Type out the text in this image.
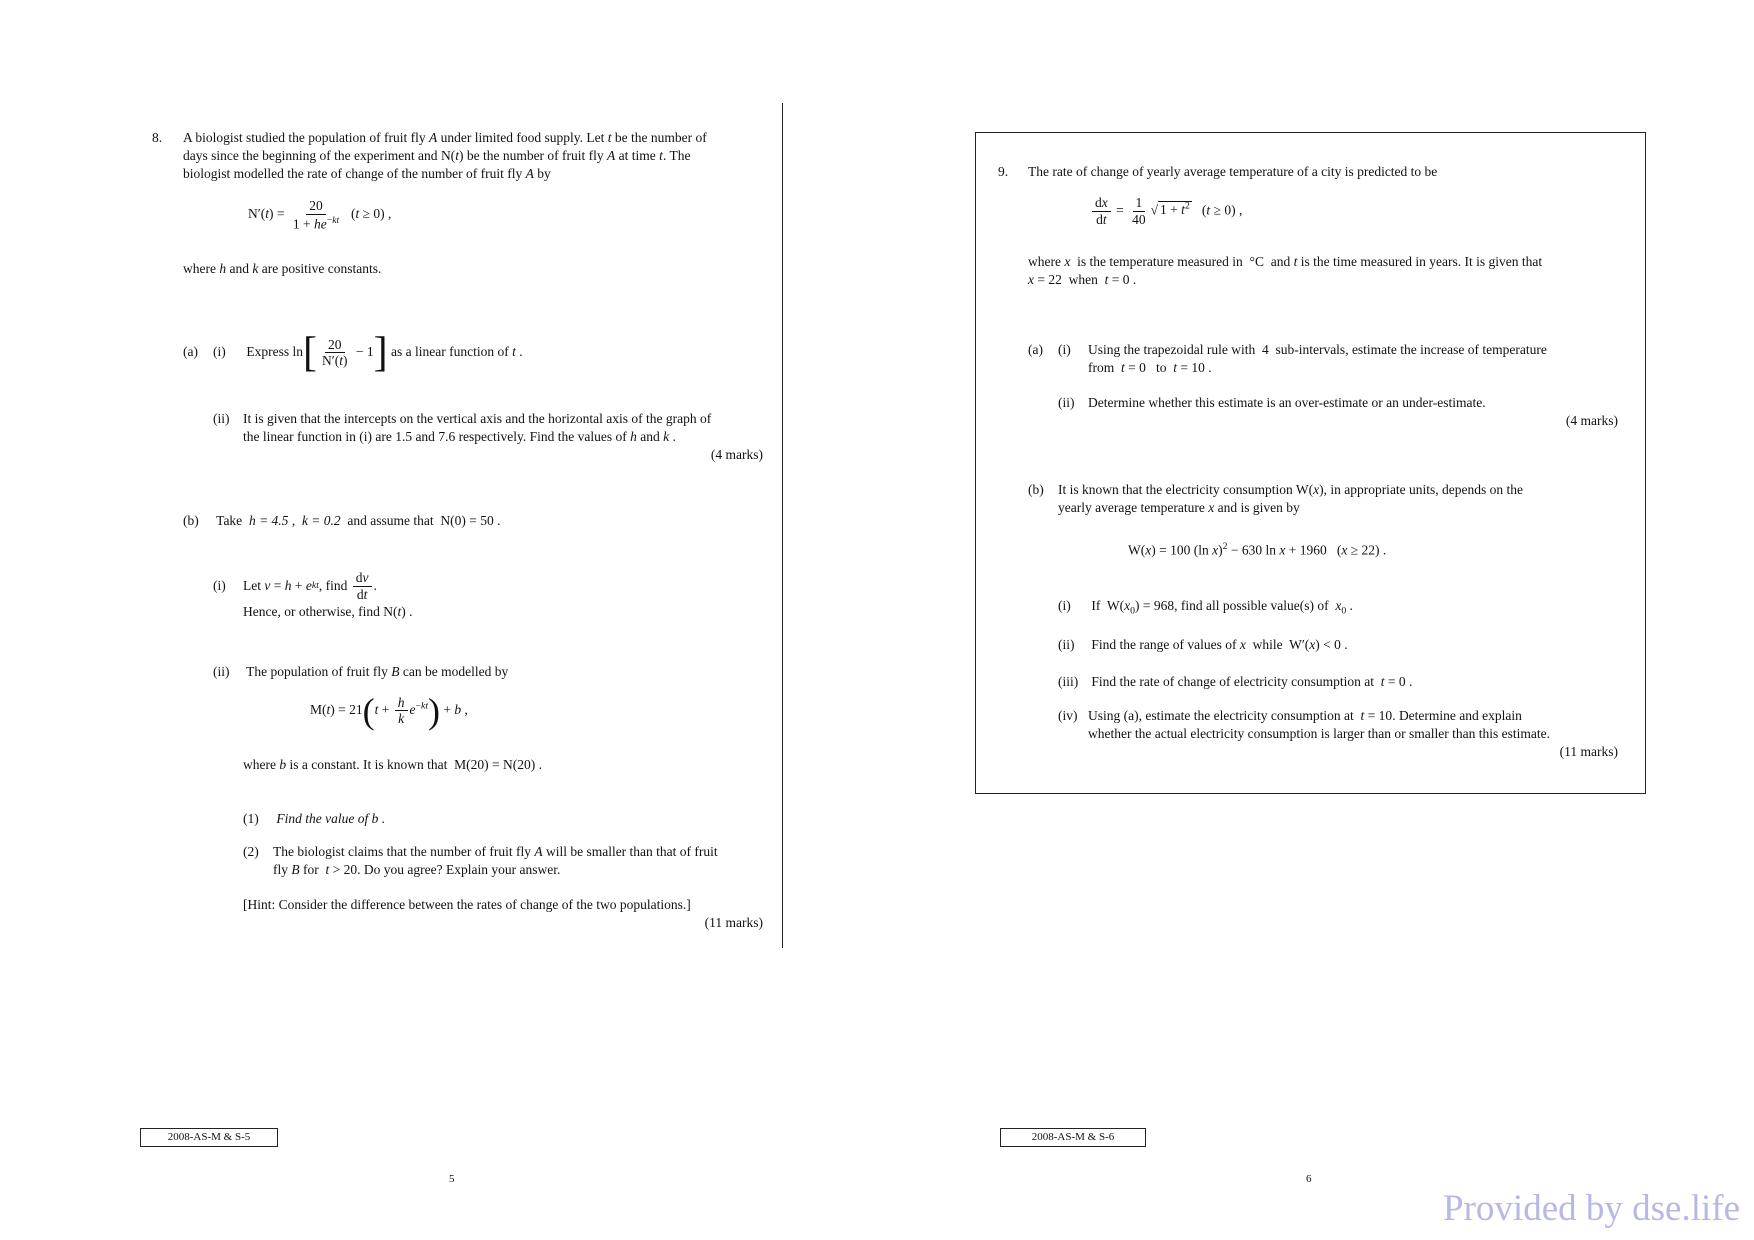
8. A biologist studied the population of fruit fly A under limited food supply. Let t be the number of
days since the beginning of the experiment and N(t) be the number of fruit fly A at time t. The
biologist modelled the rate of change of the number of fruit fly A by
$N'(t) = \frac{20}{1 + he^{-kt}} (t \ge 0)$ ,
where h and k are positive constants.
(a) (i) Express $\ln[ \frac{20}{N'(t)} - 1]$ as a linear function of t .
(ii)	It is given that the intercepts on the vertical axis and the horizontal axis of the graph of
the linear function in (i) are 1.5 and 7.6 respectively. Find the values of h and k .
(4 marks)
(b) Take h = 4.5 ,  k = 0.2 and assume that N(0) = 50 .
(i)	Let
v = h + e kt , find
$\frac{dv}{dt}$ .
Hence, or otherwise, find N(t) .
(ii) The population of fruit fly B can be modelled by
$M(t) = 21(t + \frac{h}{k} e^{-kt}) + b$ ,
where b is a constant. It is known that M(20) = N(20) .
(1) Find the value of b .
(2)	The biologist claims that the number of fruit fly A will be smaller than that of fruit
fly B for t > 20. Do you agree? Explain your answer.
[Hint: Consider the difference between the rates of change of the two populations.]
(11 marks)
2008-AS-M & S-5
5
9. The rate of change of yearly average temperature of a city is predicted to be
$\frac{dx}{dt} = \frac{1}{40}$ √ $1 + t^2$   (t ≥ 0) ,
where x is the temperature measured in °C  and t is the time measured in years. It is given that
x = 22  when t = 0 .
(a)	(i)	Using the trapezoidal rule with 4 sub-intervals, estimate the increase of temperature
from t = 0   to t = 10 .
(ii)	Determine whether this estimate is an over-estimate or an under-estimate.
(4 marks)
(b)	It is known that the electricity consumption W(x), in appropriate units, depends on the
yearly average temperature x and is given by
W(x) = 100 (ln x)$^2$ − 630 ln x + 1960   (x ≥ 22) .
(i) If  $W(x_0) = 968$, find all possible value(s) of $x_0$ .
(ii) Find the range of values of x while  W′(x) < 0 .
(iii) Find the rate of change of electricity consumption at t = 0 .
(iv) Using (a), estimate the electricity consumption at t = 10. Determine and explain
whether the actual electricity consumption is larger than or smaller than this estimate.
(11 marks)
2008-AS-M & S-6
6
Provided by dse.life
